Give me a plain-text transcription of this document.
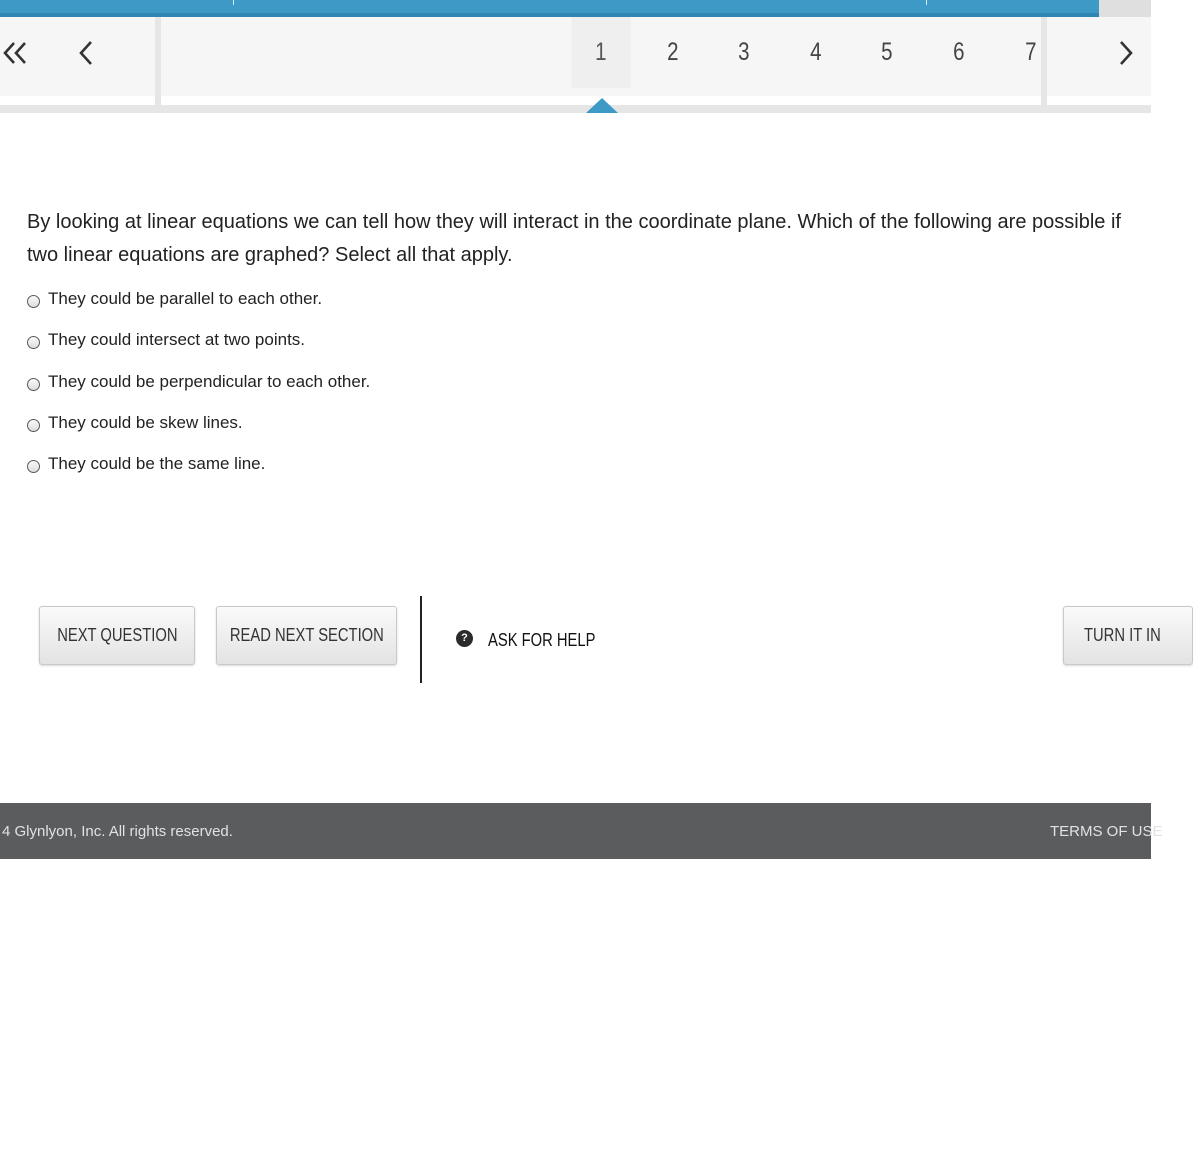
1	2	3	4	5	6	7
By looking at linear equations we can tell how they will interact in the coordinate plane. Which of the following are possible if two linear equations are graphed? Select all that apply.
They could be parallel to each other.
They could intersect at two points.
They could be perpendicular to each other.
They could be skew lines.
They could be the same line.
NEXT QUESTION	READ NEXT SECTION	? ASK FOR HELP	TURN IT IN
4 Glynlyon, Inc. All rights reserved.	TERMS OF USE
